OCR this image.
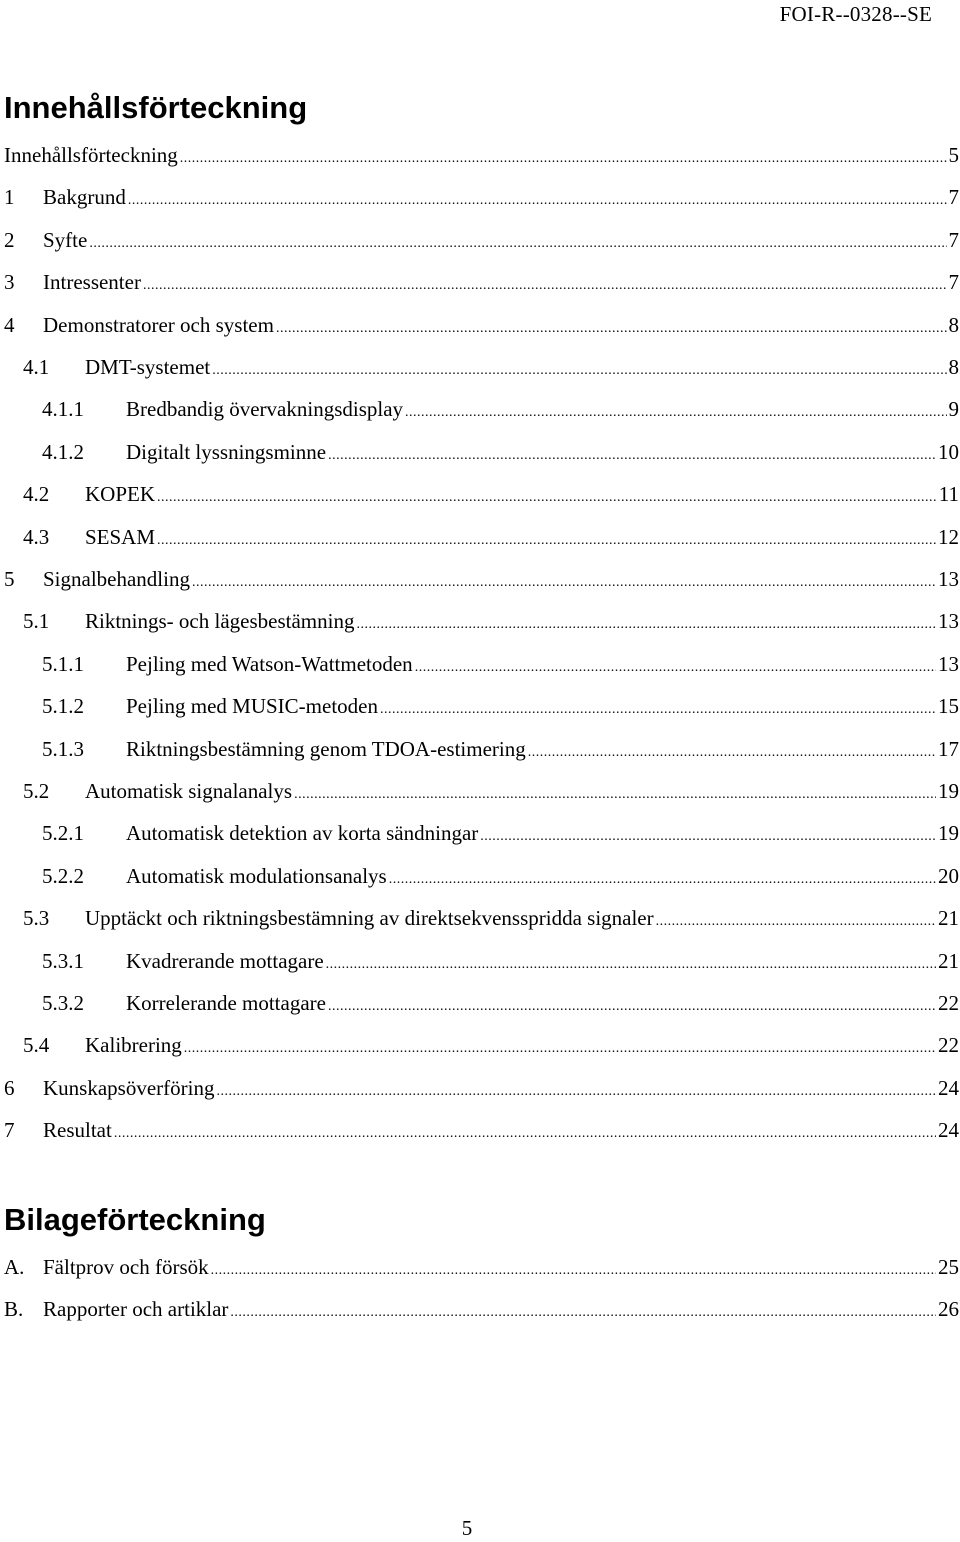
FOI-R--0328--SE
Innehållsförteckning
Innehållsförteckning .....	5
1	Bakgrund .....	7
2	Syfte .....	7
3	Intressenter .....	7
4	Demonstratorer och system .....	8
4.1	DMT-systemet .....	8
4.1.1	Bredbandig övervakningsdisplay .....	9
4.1.2	Digitalt lyssningsminne .....	10
4.2	KOPEK .....	11
4.3	SESAM .....	12
5	Signalbehandling .....	13
5.1	Riktnings- och lägesbestämning .....	13
5.1.1	Pejling med Watson-Wattmetoden .....	13
5.1.2	Pejling med MUSIC-metoden .....	15
5.1.3	Riktningsbestämning genom TDOA-estimering .....	17
5.2	Automatisk signalanalys .....	19
5.2.1	Automatisk detektion av korta sändningar .....	19
5.2.2	Automatisk modulationsanalys .....	20
5.3	Upptäckt och riktningsbestämning av direktsekvensspridda signaler .....	21
5.3.1	Kvadrerande mottagare .....	21
5.3.2	Korrelerande mottagare .....	22
5.4	Kalibrering .....	22
6	Kunskapsöverföring .....	24
7	Resultat .....	24
Bilageförteckning
A. Fältprov och försök .....	25
B. Rapporter och artiklar .....	26
5
